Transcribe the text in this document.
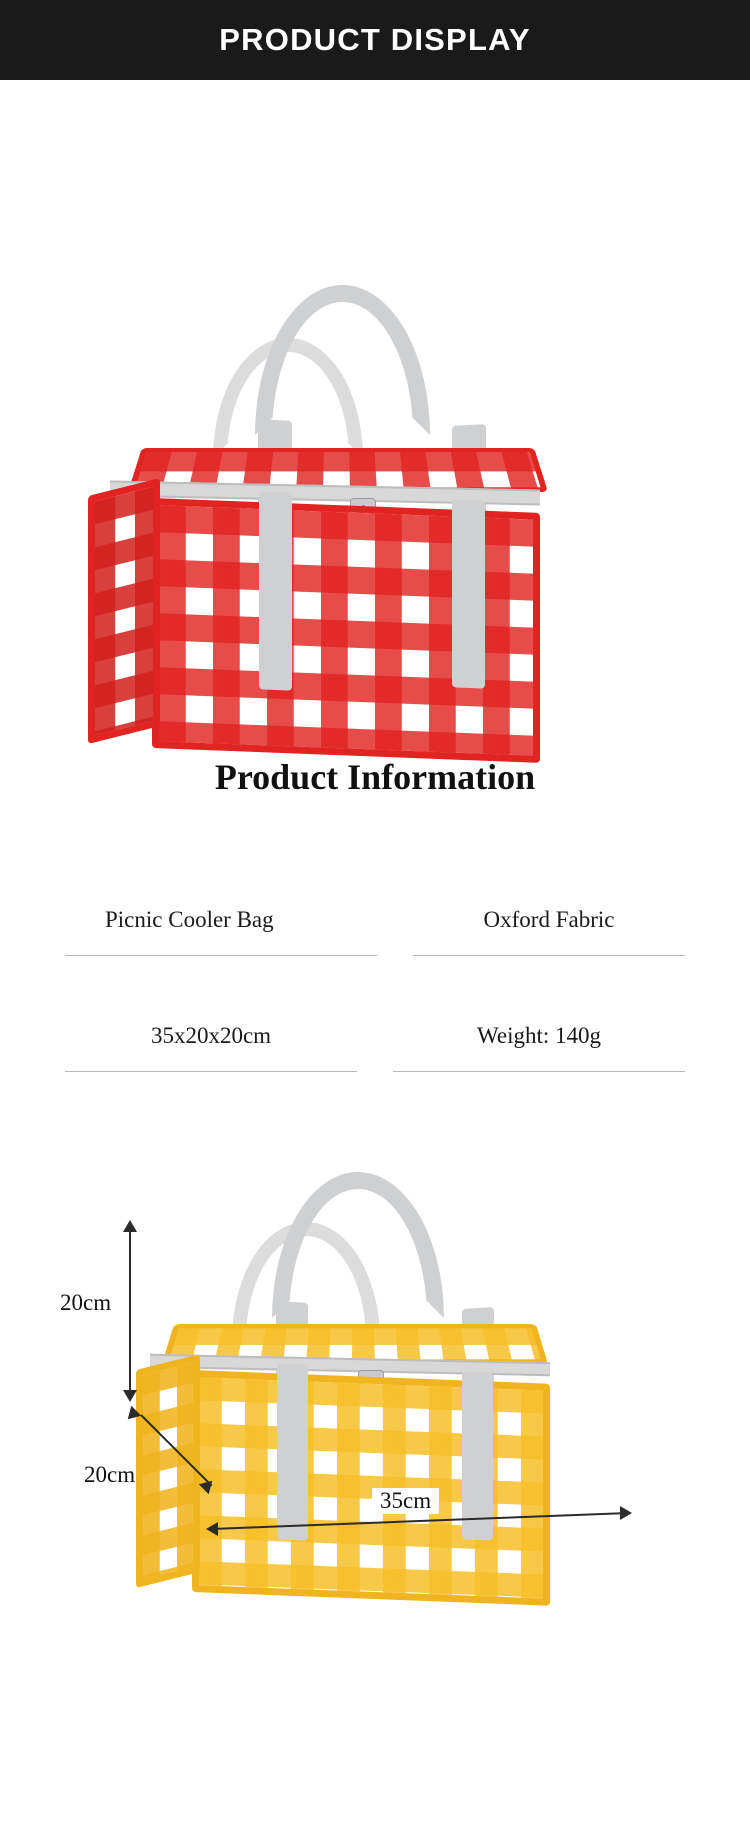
PRODUCT DISPLAY
Product Information
Picnic Cooler Bag	Oxford Fabric
35x20x20cm	Weight: 140g
20cm
20cm
35cm
